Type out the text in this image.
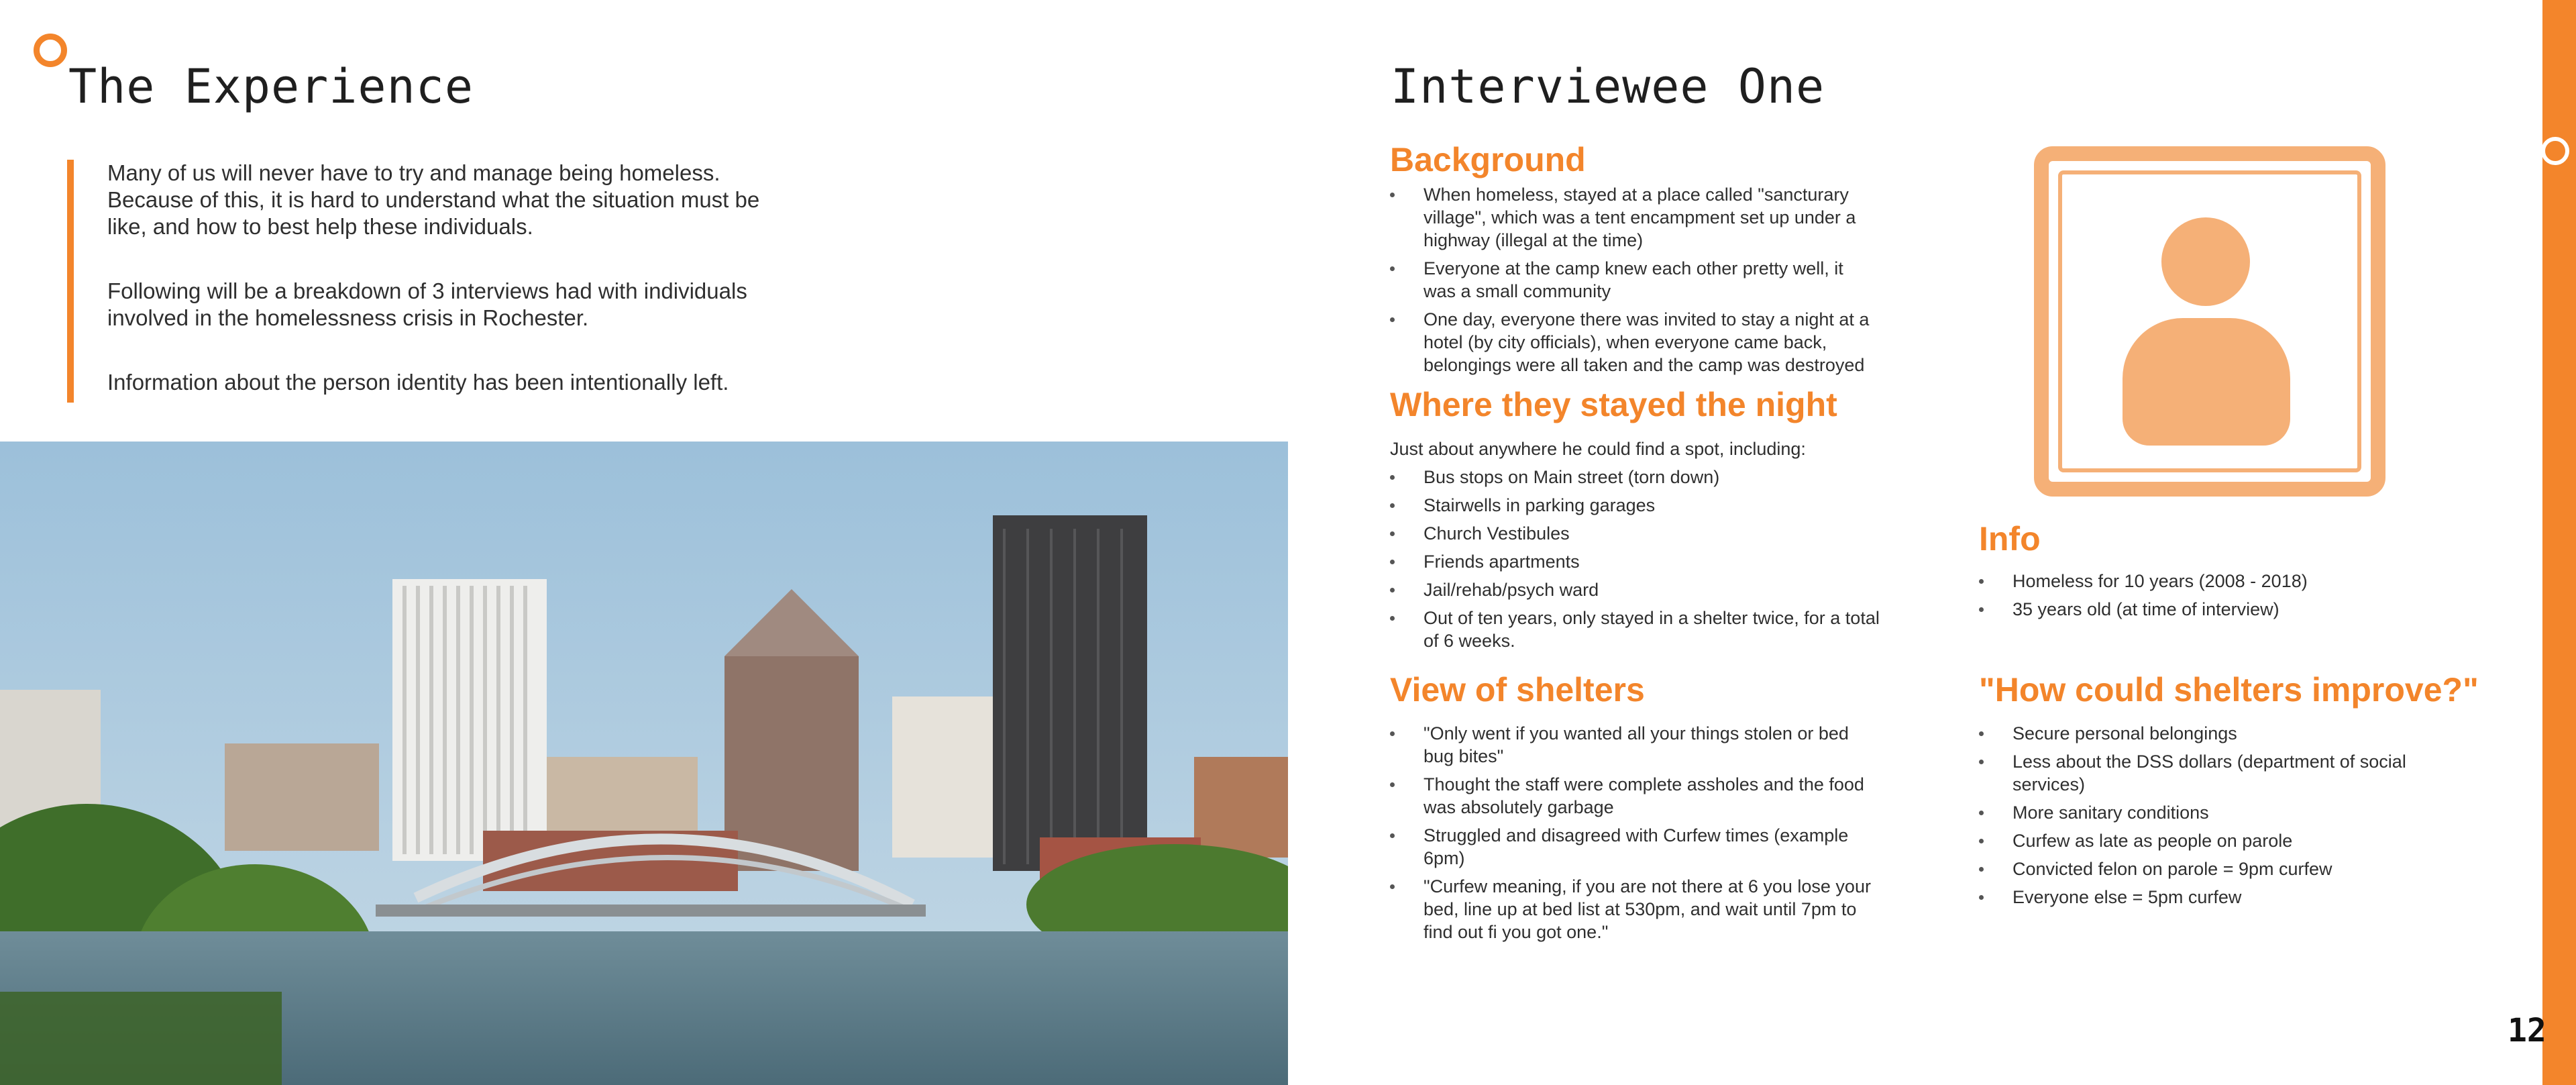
The Experience

Many of us will never have to try and manage being homeless. Because of this, it is hard to understand what the situation must be like, and how to best help these individuals.

Following will be a breakdown of 3 interviews had with individuals involved in the homelessness crisis in Rochester.

Information about the person identity has been intentionally left.

Interviewee One
Background
When homeless, stayed at a place called "sancturary village", which was a tent encampment set up under a highway (illegal at the time)
Everyone at the camp knew each other pretty well, it was a small community
One day, everyone there was invited to stay a night at a hotel (by city officials), when everyone came back, belongings were all taken and the camp was destroyed
Where they stayed the night

Just about anywhere he could find a spot, including:

Bus stops on Main street (torn down)
Stairwells in parking garages
Church Vestibules
Friends apartments
Jail/rehab/psych ward
Out of ten years, only stayed in a shelter twice, for a total of 6 weeks.
View of shelters
"Only went if you wanted all your things stolen or bed bug bites"
Thought the staff were complete assholes and the food was absolutely garbage
Struggled and disagreed with Curfew times (example 6pm)
"Curfew meaning, if you are not there at 6 you lose your bed, line up at bed list at 530pm, and wait until 7pm to find out fi you got one."
Info
Homeless for 10 years (2008 - 2018)
35 years old (at time of interview)
"How could shelters improve?"
Secure personal belongings
Less about the DSS dollars (department of social services)
More sanitary conditions
Curfew as late as people on parole
Convicted felon on parole = 9pm curfew
Everyone else = 5pm curfew
12
